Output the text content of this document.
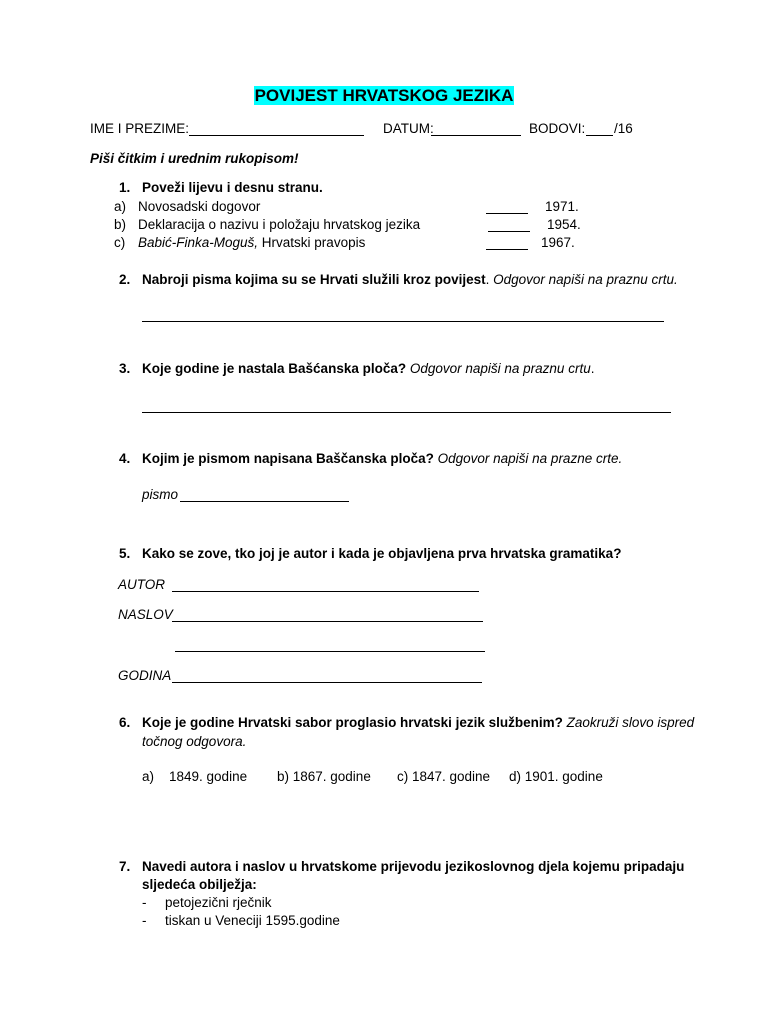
POVIJEST HRVATSKOG JEZIKA
IME I PREZIME:	DATUM:	BODOVI: /16
Piši čitkim i urednim rukopisom!
1. Poveži lijevu i desnu stranu.
a) Novosadski dogovor	1971.
b) Deklaracija o nazivu i položaju hrvatskog jezika	1954.
c) Babić-Finka-Moguš, Hrvatski pravopis	1967.
2. Nabroji pisma kojima su se Hrvati služili kroz povijest. Odgovor napiši na praznu crtu.
3. Koje godine je nastala Bašćanska ploča? Odgovor napiši na praznu crtu.
4. Kojim je pismom napisana Baščanska ploča? Odgovor napiši na prazne crte.
pismo
5. Kako se zove, tko joj je autor i kada je objavljena prva hrvatska gramatika?
AUTOR
NASLOV
GODINA
6. Koje je godine Hrvatski sabor proglasio hrvatski jezik službenim? Zaokruži slovo ispred
točnog odgovora.
a)    1849. godine b) 1867. godine c) 1847. godine d) 1901. godine
7. Navedi autora i naslov u hrvatskome prijevodu jezikoslovnog djela kojemu pripadaju
sljedeća obilježja:
- petojezični rječnik
- tiskan u Veneciji 1595.godine
